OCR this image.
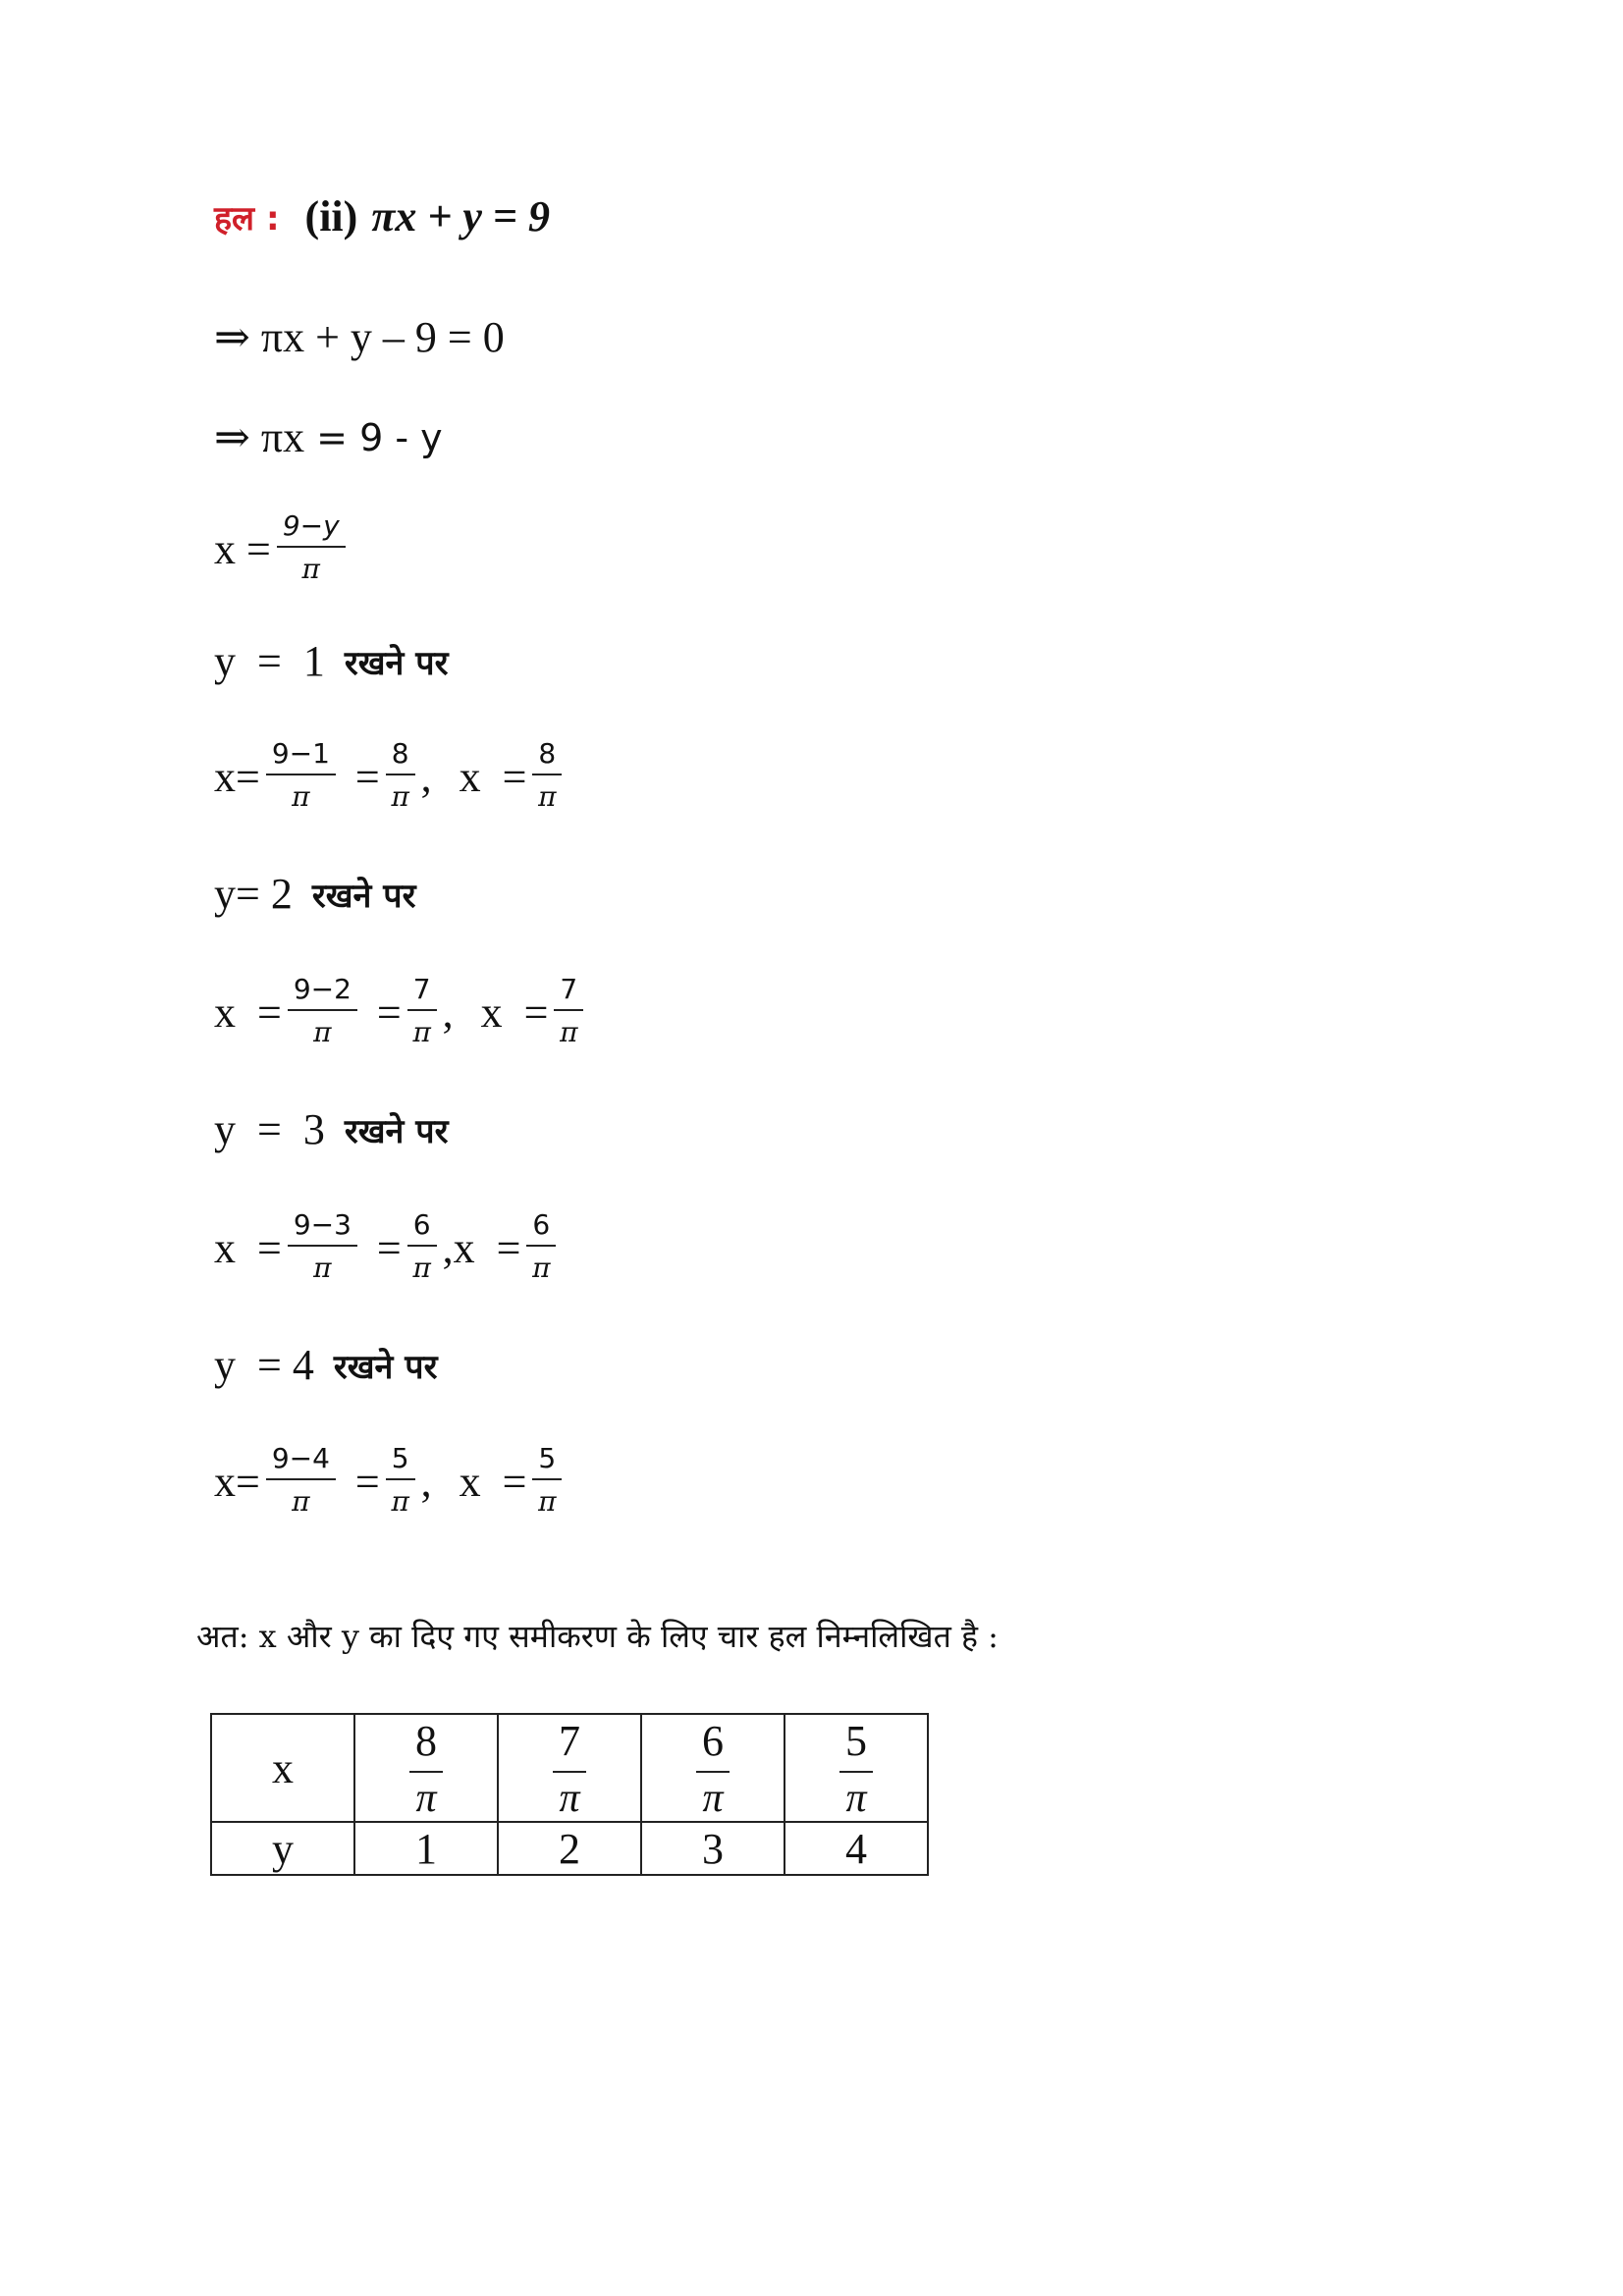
हल : (ii) πx + y = 9
⇒ πx + y – 9 = 0
⇒ πx = 9 - y
$x = \frac{9-y}{\pi}$
y  =  1 रखने पर
$x= \frac{9-1}{\pi} = \frac{8}{\pi}$ , $x = \frac{8}{\pi}$
y= 2 रखने पर
$x = \frac{9-2}{\pi} = \frac{7}{\pi}$ , $x = \frac{7}{\pi}$
y  =  3 रखने पर
$x = \frac{9-3}{\pi} = \frac{6}{\pi}$ , $x = \frac{6}{\pi}$
y  = 4 रखने पर
$x= \frac{9-4}{\pi} = \frac{5}{\pi}$ , $x = \frac{5}{\pi}$
अत: x और y का दिए गए समीकरण के लिए चार हल निम्नलिखित है :
x	$\frac{8}{\pi}$	$\frac{7}{\pi}$	$\frac{6}{\pi}$	$\frac{5}{\pi}$

y	1	2	3	4
